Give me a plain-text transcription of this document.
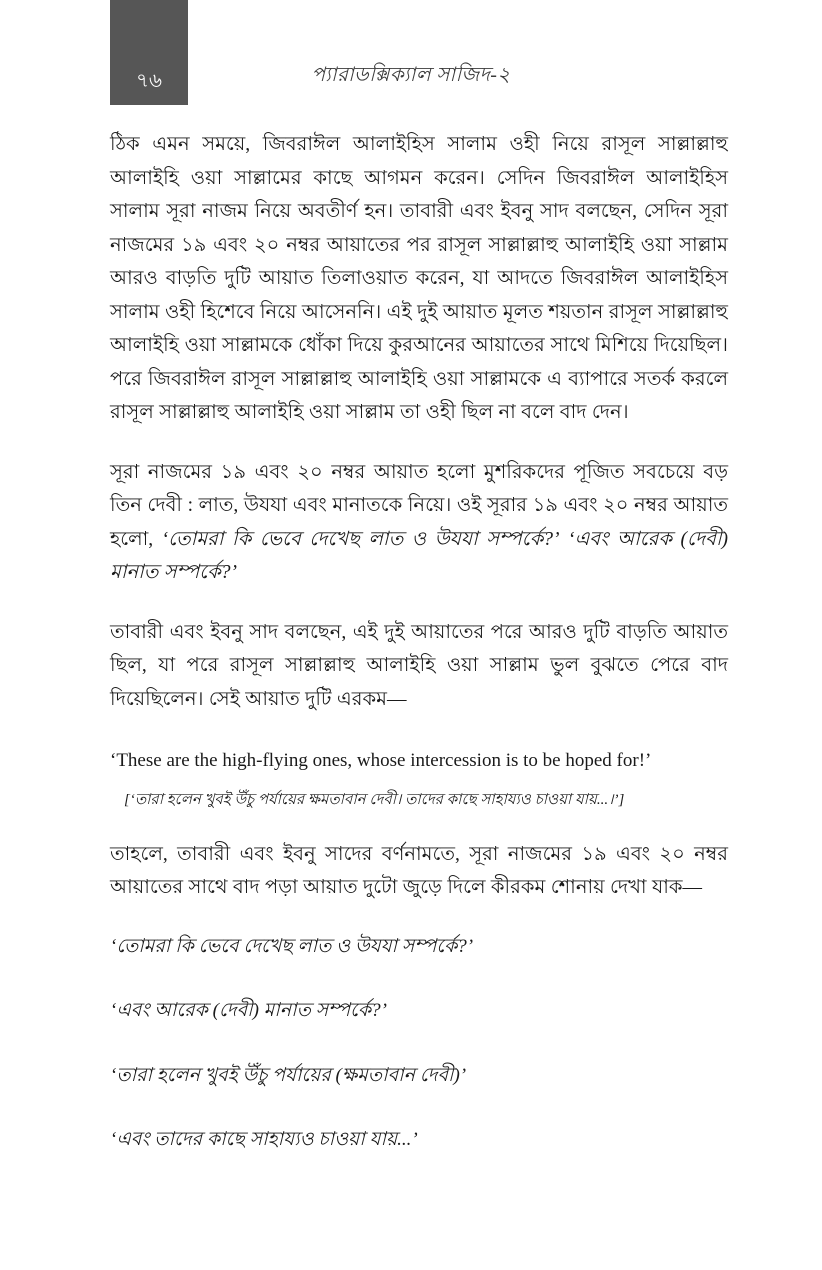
৭৬	প্যারাডক্সিক্যাল সাজিদ-২

ঠিক এমন সময়ে, জিবরাঈল আলাইহিস সালাম ওহী নিয়ে রাসূল সাল্লাল্লাহু আলাইহি ওয়া সাল্লামের কাছে আগমন করেন। সেদিন জিবরাঈল আলাইহিস সালাম সূরা নাজম নিয়ে অবতীর্ণ হন। তাবারী এবং ইবনু সাদ বলছেন, সেদিন সূরা নাজমের ১৯ এবং ২০ নম্বর আয়াতের পর রাসূল সাল্লাল্লাহু আলাইহি ওয়া সাল্লাম আরও বাড়তি দুটি আয়াত তিলাওয়াত করেন, যা আদতে জিবরাঈল আলাইহিস সালাম ওহী হিশেবে নিয়ে আসেননি। এই দুই আয়াত মূলত শয়তান রাসূল সাল্লাল্লাহু আলাইহি ওয়া সাল্লামকে ধোঁকা দিয়ে কুরআনের আয়াতের সাথে মিশিয়ে দিয়েছিল। পরে জিবরাঈল রাসূল সাল্লাল্লাহু আলাইহি ওয়া সাল্লামকে এ ব্যাপারে সতর্ক করলে রাসূল সাল্লাল্লাহু আলাইহি ওয়া সাল্লাম তা ওহী ছিল না বলে বাদ দেন।

সূরা নাজমের ১৯ এবং ২০ নম্বর আয়াত হলো মুশরিকদের পূজিত সবচেয়ে বড় তিন দেবী : লাত, উযযা এবং মানাতকে নিয়ে। ওই সূরার ১৯ এবং ২০ নম্বর আয়াত হলো, ‘তোমরা কি ভেবে দেখেছ লাত ও উযযা সম্পর্কে?’ ‘এবং আরেক (দেবী) মানাত সম্পর্কে?’

তাবারী এবং ইবনু সাদ বলছেন, এই দুই আয়াতের পরে আরও দুটি বাড়তি আয়াত ছিল, যা পরে রাসূল সাল্লাল্লাহু আলাইহি ওয়া সাল্লাম ভুল বুঝতে পেরে বাদ দিয়েছিলেন। সেই আয়াত দুটি এরকম—

‘These are the high-flying ones, whose intercession is to be hoped for!’

[‘তারা হলেন খুবই উঁচু পর্যায়ের ক্ষমতাবান দেবী। তাদের কাছে সাহায্যও চাওয়া যায়...।’]

তাহলে, তাবারী এবং ইবনু সাদের বর্ণনামতে, সূরা নাজমের ১৯ এবং ২০ নম্বর আয়াতের সাথে বাদ পড়া আয়াত দুটো জুড়ে দিলে কীরকম শোনায় দেখা যাক—

‘তোমরা কি ভেবে দেখেছ লাত ও উযযা সম্পর্কে?’

‘এবং আরেক (দেবী) মানাত সম্পর্কে?’

‘তারা হলেন খুবই উঁচু পর্যায়ের (ক্ষমতাবান দেবী)’

‘এবং তাদের কাছে সাহায্যও চাওয়া যায়...’
